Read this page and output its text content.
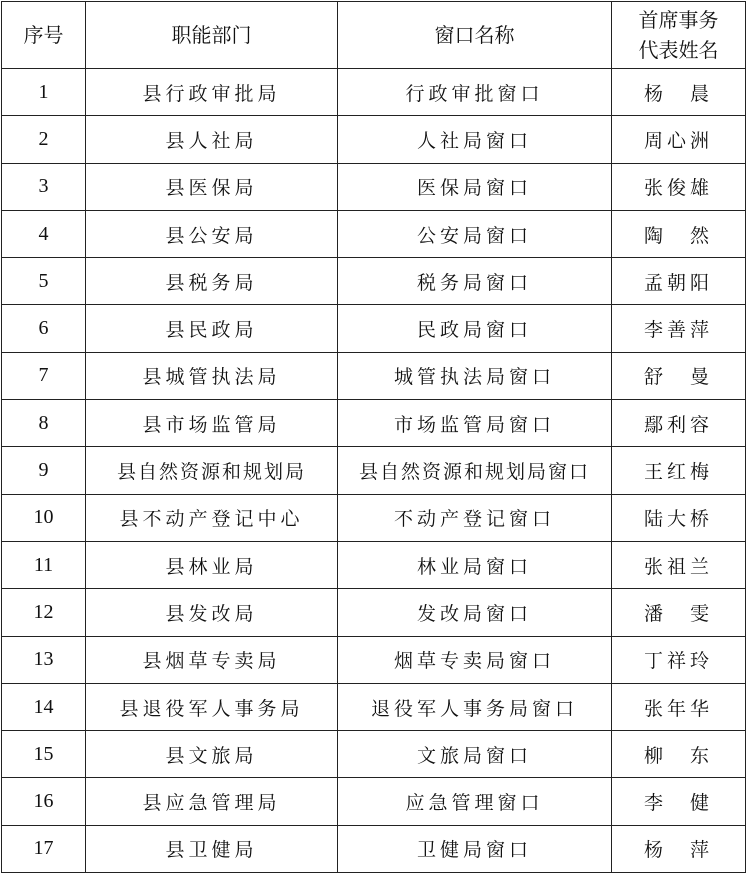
序号	职能部门	窗口名称	首席事务
代表姓名

1	县行政审批局	行政审批窗口	杨　晨
2	县人社局	人社局窗口	周心洲
3	县医保局	医保局窗口	张俊雄
4	县公安局	公安局窗口	陶　然
5	县税务局	税务局窗口	孟朝阳
6	县民政局	民政局窗口	李善萍
7	县城管执法局	城管执法局窗口	舒　曼
8	县市场监管局	市场监管局窗口	鄢利容
9	县自然资源和规划局	县自然资源和规划局窗口	王红梅
10	县不动产登记中心	不动产登记窗口	陆大桥
11	县林业局	林业局窗口	张祖兰
12	县发改局	发改局窗口	潘　雯
13	县烟草专卖局	烟草专卖局窗口	丁祥玲
14	县退役军人事务局	退役军人事务局窗口	张年华
15	县文旅局	文旅局窗口	柳　东
16	县应急管理局	应急管理窗口	李　健
17	县卫健局	卫健局窗口	杨　萍
